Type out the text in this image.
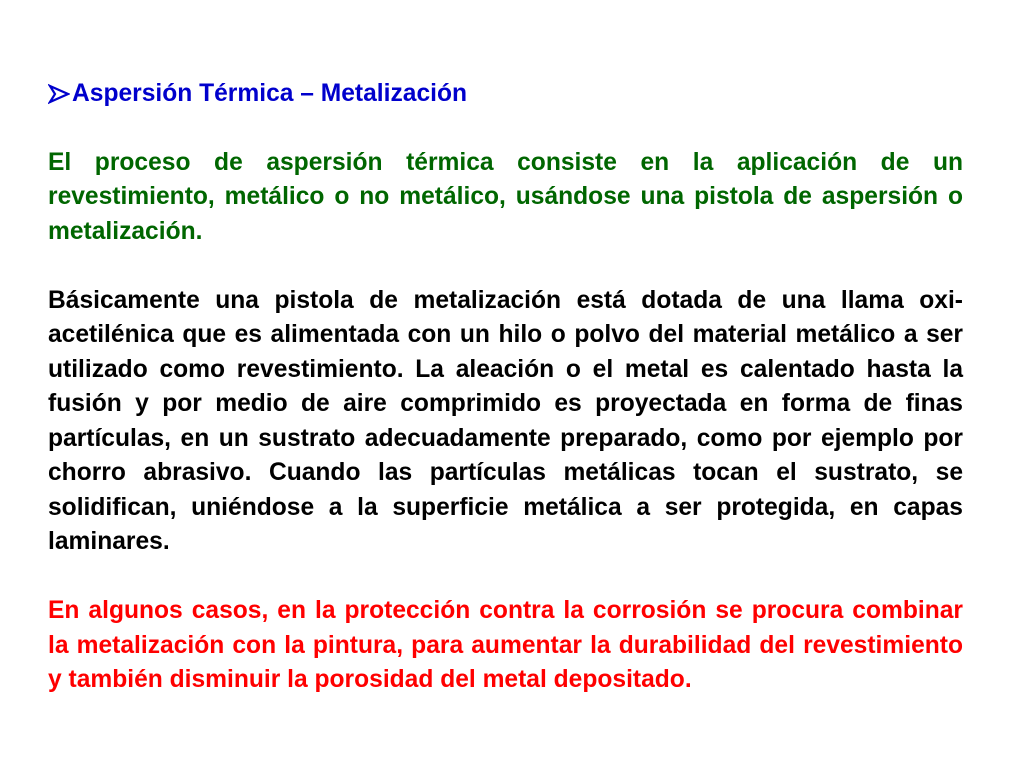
Aspersión Térmica – Metalización

El proceso de aspersión térmica consiste en la aplicación de un revestimiento, metálico o no metálico, usándose una pistola de aspersión o metalización.

Básicamente una pistola de metalización está dotada de una llama oxi-acetilénica que es alimentada con un hilo o polvo del material metálico a ser utilizado como revestimiento. La aleación o el metal es calentado hasta la fusión y por medio de aire comprimido es proyectada en forma de finas partículas, en un sustrato adecuadamente preparado, como por ejemplo por chorro abrasivo. Cuando las partículas metálicas tocan el sustrato, se solidifican, uniéndose a la superficie metálica a ser protegida, en capas laminares.

En algunos casos, en la protección contra la corrosión se procura combinar la metalización con la pintura, para aumentar la durabilidad del revestimiento y también disminuir la porosidad del metal depositado.
